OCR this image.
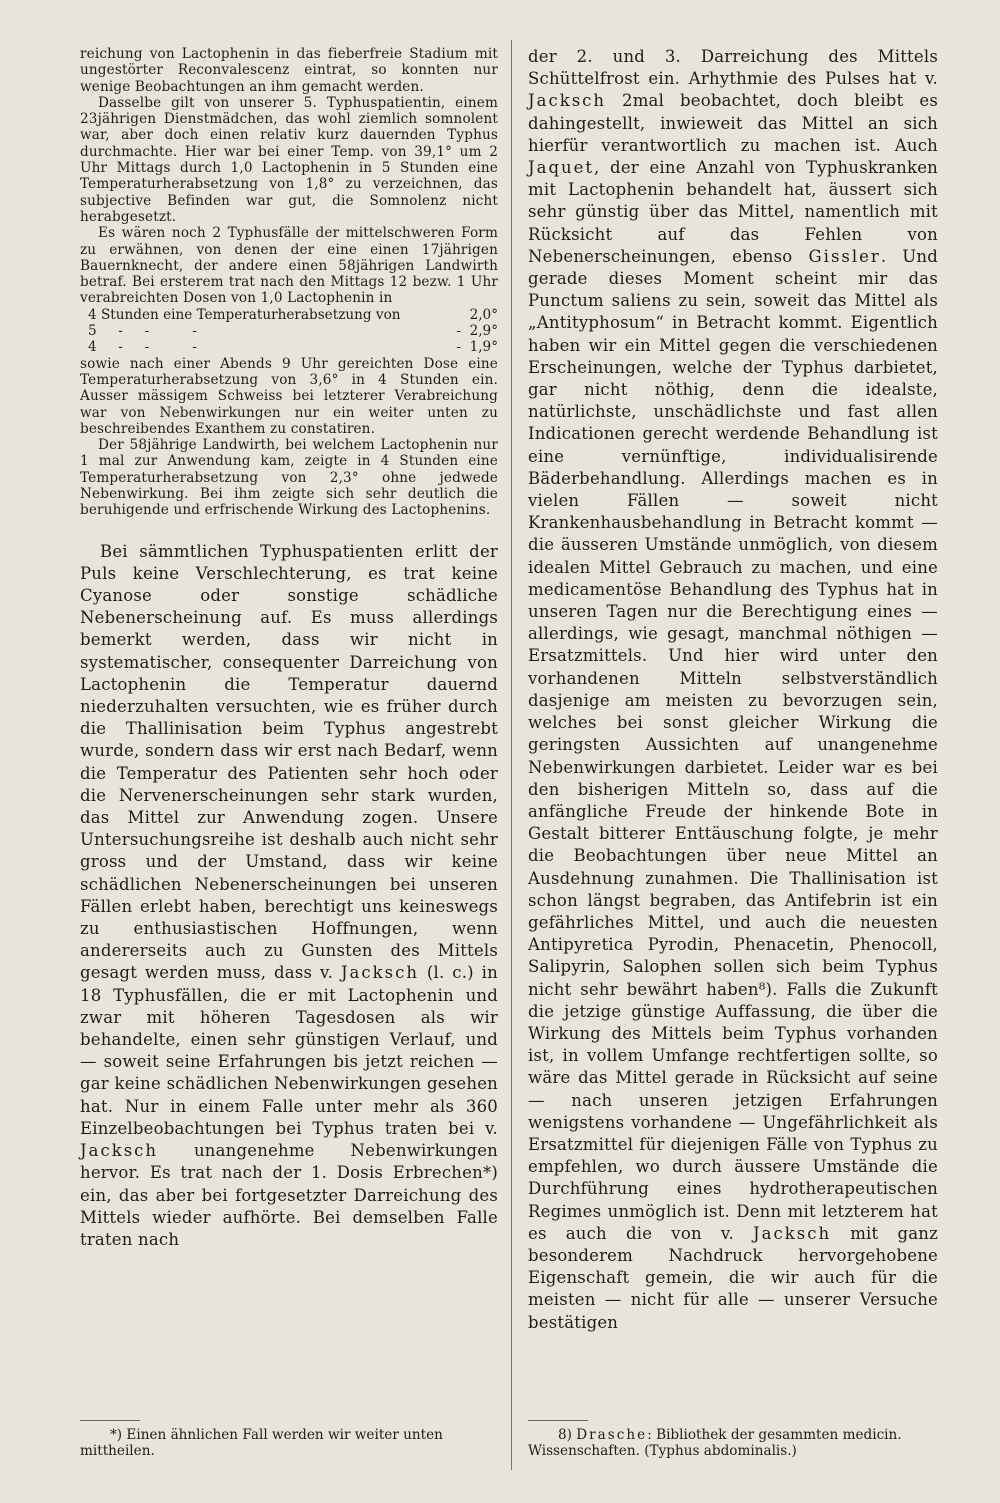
reichung von Lactophenin in das fieberfreie Stadium mit ungestörter Reconvalescenz eintrat, so konnten nur wenige Beobachtungen an ihm gemacht werden.

Dasselbe gilt von unserer 5. Typhuspatientin, einem 23jährigen Dienstmädchen, das wohl ziemlich somnolent war, aber doch einen relativ kurz dauernden Typhus durchmachte. Hier war bei einer Temp. von 39,1° um 2 Uhr Mittags durch 1,0 Lactophenin in 5 Stunden eine Temperaturherabsetzung von 1,8° zu verzeichnen, das subjective Befinden war gut, die Somnolenz nicht herabgesetzt.

Es wären noch 2 Typhusfälle der mittelschweren Form zu erwähnen, von denen der eine einen 17jährigen Bauernknecht, der andere einen 58jährigen Landwirth betraf. Bei ersterem trat nach den Mittags 12 bezw. 1 Uhr verabreichten Dosen von 1,0 Lactophenin in

4 Stunden eine Temperaturherabsetzung von	2,0°
5     -     -          -	-  2,9°
4     -     -          -	-  1,9°

sowie nach einer Abends 9 Uhr gereichten Dose eine Temperaturherabsetzung von 3,6° in 4 Stunden ein. Ausser mässigem Schweiss bei letzterer Verabreichung war von Nebenwirkungen nur ein weiter unten zu beschreibendes Exanthem zu constatiren.

Der 58jährige Landwirth, bei welchem Lactophenin nur 1 mal zur Anwendung kam, zeigte in 4 Stunden eine Temperaturherabsetzung von 2,3° ohne jedwede Nebenwirkung. Bei ihm zeigte sich sehr deutlich die beruhigende und erfrischende Wirkung des Lactophenins.

Bei sämmtlichen Typhuspatienten erlitt der Puls keine Verschlechterung, es trat keine Cyanose oder sonstige schädliche Nebenerscheinung auf. Es muss allerdings bemerkt werden, dass wir nicht in systematischer, consequenter Darreichung von Lactophenin die Temperatur dauernd niederzuhalten versuchten, wie es früher durch die Thallinisation beim Typhus angestrebt wurde, sondern dass wir erst nach Bedarf, wenn die Temperatur des Patienten sehr hoch oder die Nervenerscheinungen sehr stark wurden, das Mittel zur Anwendung zogen. Unsere Untersuchungsreihe ist deshalb auch nicht sehr gross und der Umstand, dass wir keine schädlichen Nebenerscheinungen bei unseren Fällen erlebt haben, berechtigt uns keineswegs zu enthusiastischen Hoffnungen, wenn andererseits auch zu Gunsten des Mittels gesagt werden muss, dass v. Jacksch (l. c.) in 18 Typhusfällen, die er mit Lactophenin und zwar mit höheren Tagesdosen als wir behandelte, einen sehr günstigen Verlauf, und — soweit seine Erfahrungen bis jetzt reichen — gar keine schädlichen Nebenwirkungen gesehen hat. Nur in einem Falle unter mehr als 360 Einzelbeobachtungen bei Typhus traten bei v. Jacksch unangenehme Nebenwirkungen hervor. Es trat nach der 1. Dosis Erbrechen*) ein, das aber bei fortgesetzter Darreichung des Mittels wieder aufhörte. Bei demselben Falle traten nach

*) Einen ähnlichen Fall werden wir weiter unten mittheilen.

der 2. und 3. Darreichung des Mittels Schüttelfrost ein. Arhythmie des Pulses hat v. Jacksch 2mal beobachtet, doch bleibt es dahingestellt, inwieweit das Mittel an sich hierfür verantwortlich zu machen ist. Auch Jaquet, der eine Anzahl von Typhuskranken mit Lactophenin behandelt hat, äussert sich sehr günstig über das Mittel, namentlich mit Rücksicht auf das Fehlen von Nebenerscheinungen, ebenso Gissler. Und gerade dieses Moment scheint mir das Punctum saliens zu sein, soweit das Mittel als „Antityphosum“ in Betracht kommt. Eigentlich haben wir ein Mittel gegen die verschiedenen Erscheinungen, welche der Typhus darbietet, gar nicht nöthig, denn die idealste, natürlichste, unschädlichste und fast allen Indicationen gerecht werdende Behandlung ist eine vernünftige, individualisirende Bäderbehandlung. Allerdings machen es in vielen Fällen — soweit nicht Krankenhausbehandlung in Betracht kommt — die äusseren Umstände unmöglich, von diesem idealen Mittel Gebrauch zu machen, und eine medicamentöse Behandlung des Typhus hat in unseren Tagen nur die Berechtigung eines — allerdings, wie gesagt, manchmal nöthigen — Ersatzmittels. Und hier wird unter den vorhandenen Mitteln selbstverständlich dasjenige am meisten zu bevorzugen sein, welches bei sonst gleicher Wirkung die geringsten Aussichten auf unangenehme Nebenwirkungen darbietet. Leider war es bei den bisherigen Mitteln so, dass auf die anfängliche Freude der hinkende Bote in Gestalt bitterer Enttäuschung folgte, je mehr die Beobachtungen über neue Mittel an Ausdehnung zunahmen. Die Thallinisation ist schon längst begraben, das Antifebrin ist ein gefährliches Mittel, und auch die neuesten Antipyretica Pyrodin, Phenacetin, Phenocoll, Salipyrin, Salophen sollen sich beim Typhus nicht sehr bewährt haben⁸). Falls die Zukunft die jetzige günstige Auffassung, die über die Wirkung des Mittels beim Typhus vorhanden ist, in vollem Umfange rechtfertigen sollte, so wäre das Mittel gerade in Rücksicht auf seine — nach unseren jetzigen Erfahrungen wenigstens vorhandene — Ungefährlichkeit als Ersatzmittel für diejenigen Fälle von Typhus zu empfehlen, wo durch äussere Umstände die Durchführung eines hydrotherapeutischen Regimes unmöglich ist. Denn mit letzterem hat es auch die von v. Jacksch mit ganz besonderem Nachdruck hervorgehobene Eigenschaft gemein, die wir auch für die meisten — nicht für alle — unserer Versuche bestätigen

8) Drasche: Bibliothek der gesammten medicin. Wissenschaften. (Typhus abdominalis.)
